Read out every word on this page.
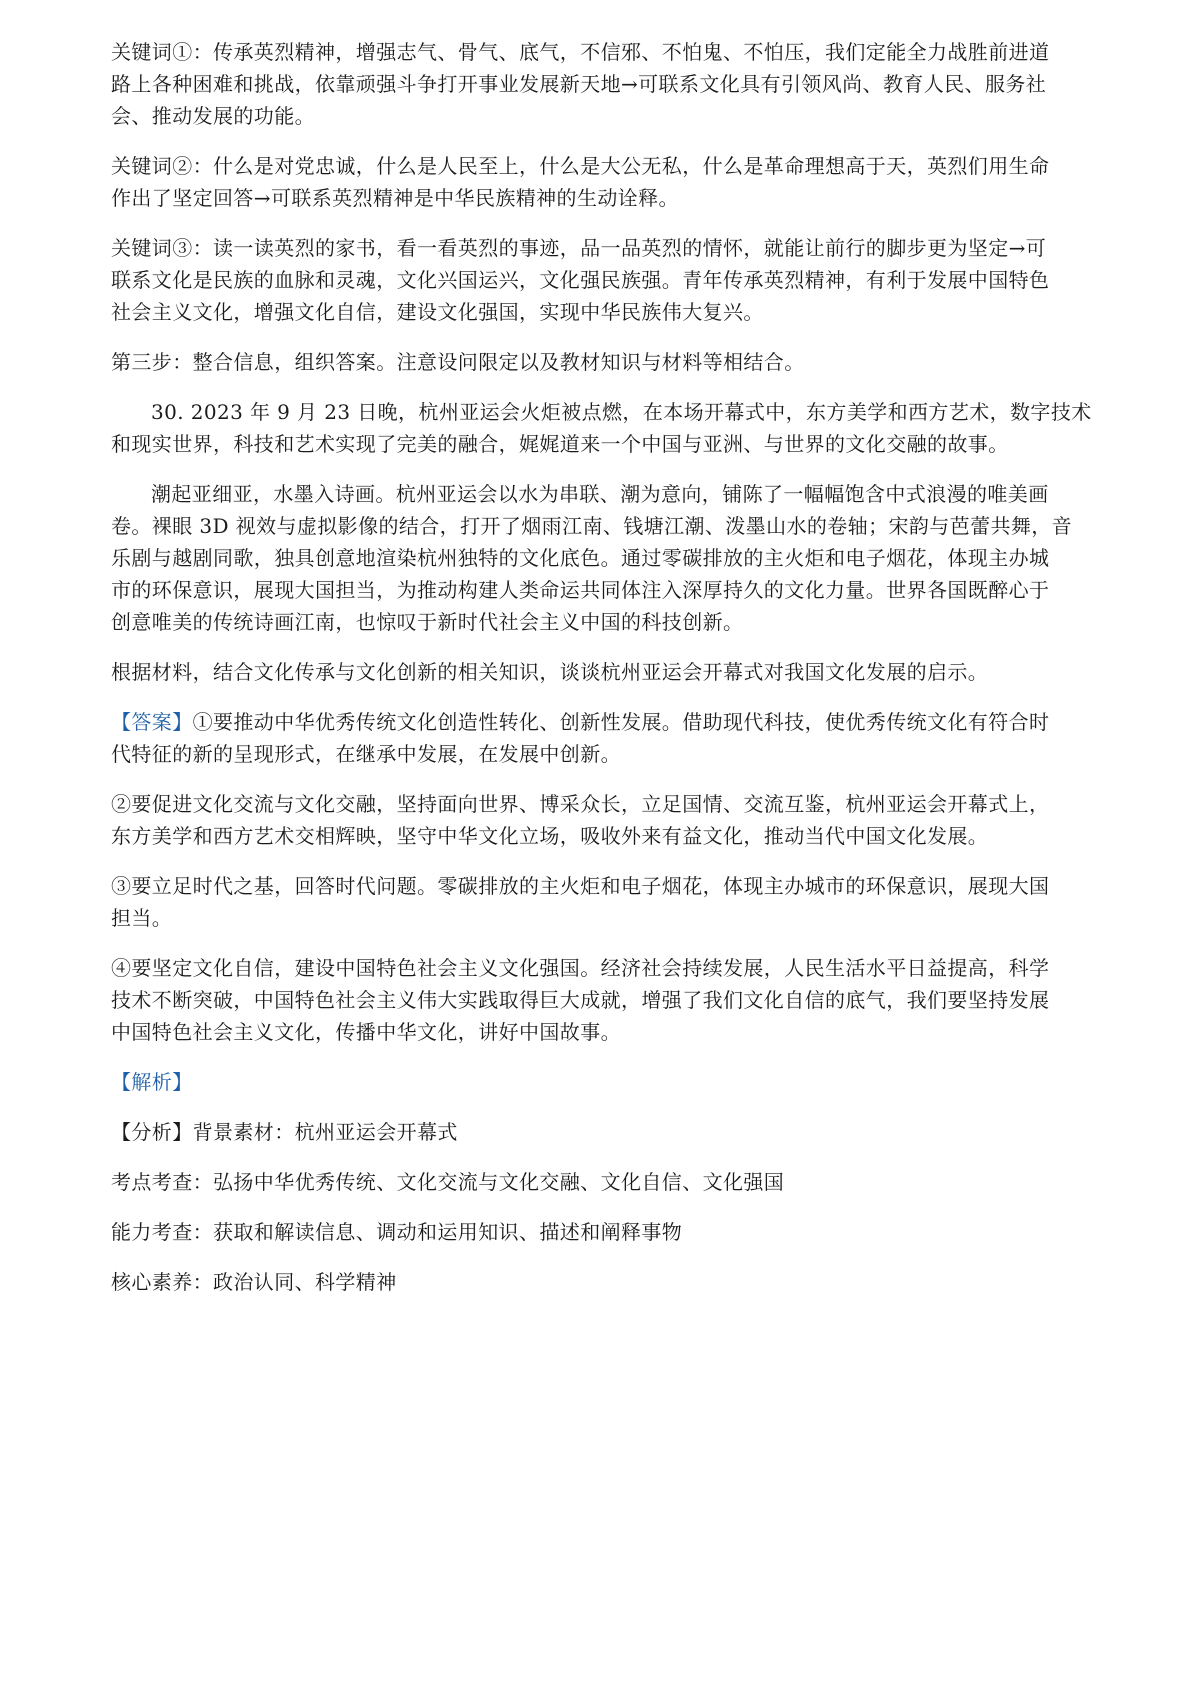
关键词①：传承英烈精神，增强志气、骨气、底气，不信邪、不怕鬼、不怕压，我们定能全力战胜前进道
路上各种困难和挑战，依靠顽强斗争打开事业发展新天地→可联系文化具有引领风尚、教育人民、服务社
会、推动发展的功能。
关键词②：什么是对党忠诚，什么是人民至上，什么是大公无私，什么是革命理想高于天，英烈们用生命
作出了坚定回答→可联系英烈精神是中华民族精神的生动诠释。
关键词③：读一读英烈的家书，看一看英烈的事迹，品一品英烈的情怀，就能让前行的脚步更为坚定→可
联系文化是民族的血脉和灵魂，文化兴国运兴，文化强民族强。青年传承英烈精神，有利于发展中国特色
社会主义文化，增强文化自信，建设文化强国，实现中华民族伟大复兴。
第三步：整合信息，组织答案。注意设问限定以及教材知识与材料等相结合。
30. 2023 年 9 月 23 日晚，杭州亚运会火炬被点燃，在本场开幕式中，东方美学和西方艺术，数字技术
和现实世界，科技和艺术实现了完美的融合，娓娓道来一个中国与亚洲、与世界的文化交融的故事。
潮起亚细亚，水墨入诗画。杭州亚运会以水为串联、潮为意向，铺陈了一幅幅饱含中式浪漫的唯美画
卷。裸眼 3D 视效与虚拟影像的结合，打开了烟雨江南、钱塘江潮、泼墨山水的卷轴；宋韵与芭蕾共舞，音
乐剧与越剧同歌，独具创意地渲染杭州独特的文化底色。通过零碳排放的主火炬和电子烟花，体现主办城
市的环保意识，展现大国担当，为推动构建人类命运共同体注入深厚持久的文化力量。世界各国既醉心于
创意唯美的传统诗画江南，也惊叹于新时代社会主义中国的科技创新。
根据材料，结合文化传承与文化创新的相关知识，谈谈杭州亚运会开幕式对我国文化发展的启示。
【答案】①要推动中华优秀传统文化创造性转化、创新性发展。借助现代科技，使优秀传统文化有符合时
代特征的新的呈现形式，在继承中发展，在发展中创新。
②要促进文化交流与文化交融，坚持面向世界、博采众长，立足国情、交流互鉴，杭州亚运会开幕式上，
东方美学和西方艺术交相辉映，坚守中华文化立场，吸收外来有益文化，推动当代中国文化发展。
③要立足时代之基，回答时代问题。零碳排放的主火炬和电子烟花，体现主办城市的环保意识，展现大国
担当。
④要坚定文化自信，建设中国特色社会主义文化强国。经济社会持续发展，人民生活水平日益提高，科学
技术不断突破，中国特色社会主义伟大实践取得巨大成就，增强了我们文化自信的底气，我们要坚持发展
中国特色社会主义文化，传播中华文化，讲好中国故事。
【解析】
【分析】背景素材：杭州亚运会开幕式
考点考查：弘扬中华优秀传统、文化交流与文化交融、文化自信、文化强国
能力考查：获取和解读信息、调动和运用知识、描述和阐释事物
核心素养：政治认同、科学精神
